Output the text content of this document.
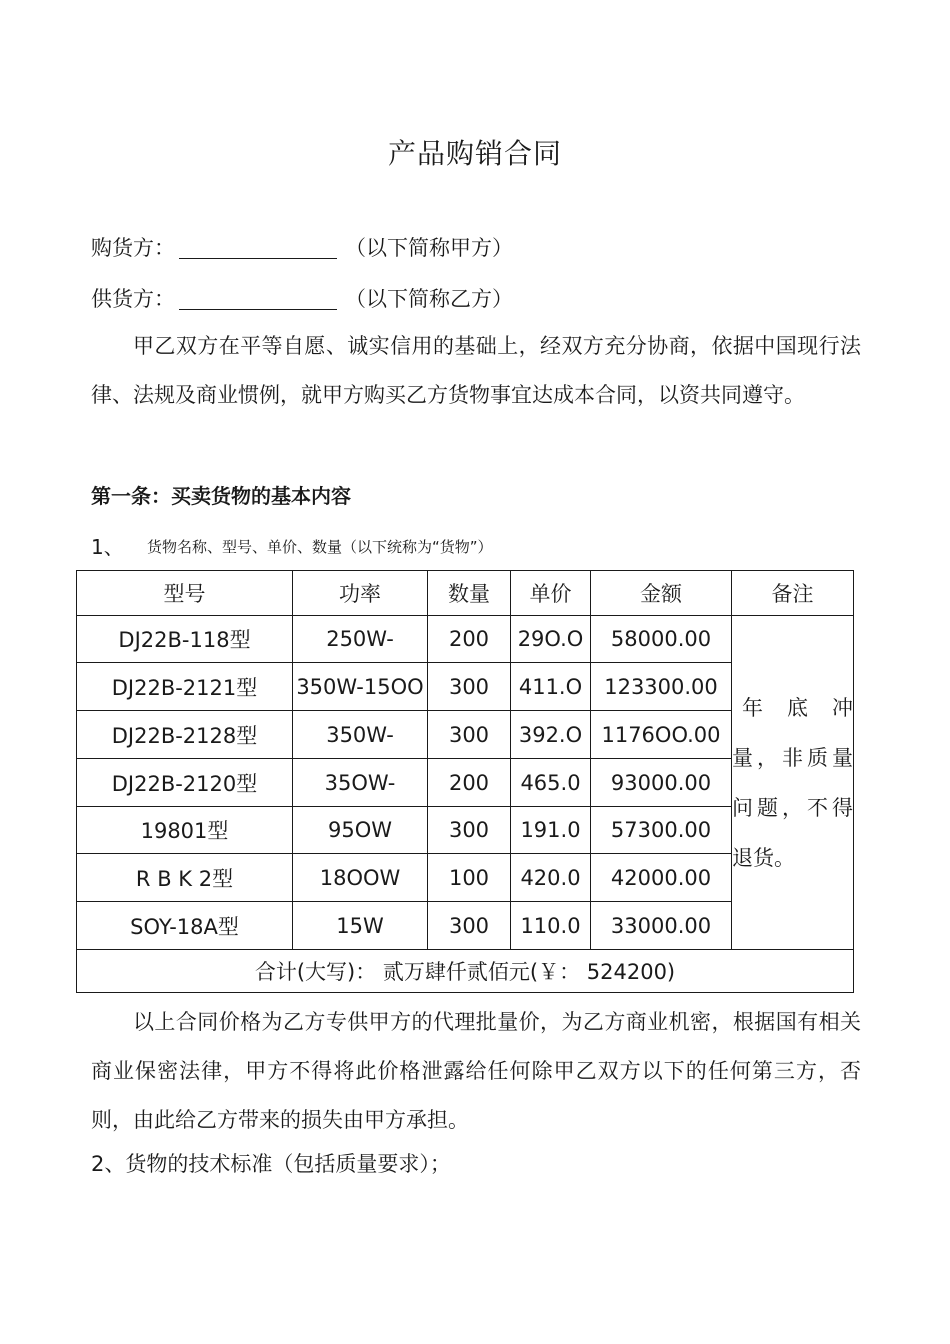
产品购销合同
购货方：	（以下简称甲方）
供货方：	（以下简称乙方）
甲乙双方在平等自愿、诚实信用的基础上，经双方充分协商，依据中国现行法律、法规及商业惯例，就甲方购买乙方货物事宜达成本合同，以资共同遵守。
第一条：买卖货物的基本内容
1、 货物名称、型号、单价、数量（以下统称为“货物”）
型号	功率	数量	单价	金额	备注
DJ22B-118型	250W-	200	29O.O	58000.00	年 底 冲
量，非质量问题，不得退货。

DJ22B-2121型	350W-15OO	300	411.O	123300.00	
DJ22B-2128型	350W-	300	392.O	1176OO.00	
DJ22B-2120型	35OW-	200	465.0	93000.00	
19801型	95OW	300	191.0	57300.00	
R B K 2型	18OOW	100	420.0	42000.00	
SOY-18A型	15W	300	110.0	33000.00	
合计(大写)： 贰万肆仟贰佰元(￥： 524200)					
以上合同价格为乙方专供甲方的代理批量价，为乙方商业机密，根据国有相关商业保密法律，甲方不得将此价格泄露给任何除甲乙双方以下的任何第三方，否则，由此给乙方带来的损失由甲方承担。
2、货物的技术标准（包括质量要求）；
